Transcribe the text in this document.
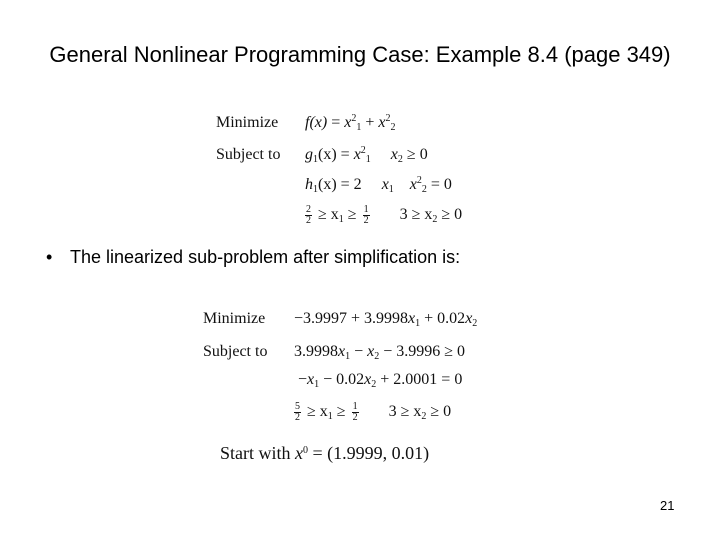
General Nonlinear Programming Case: Example 8.4 (page 349)
Minimize $f(x) = x^2_1 + x^2_2$
Subject to $g_1(x) = x^2_1$ $x_2 \ge 0$
$h_1(x) = 2$ $x_1$ $x^2_2 = 0$
$\frac{2}{2} \ge x_1 \ge \frac{1}{2} 3 \ge x_2 \ge 0$
• The linearized sub-problem after simplification is:
Minimize $-3.9997 + 3.9998x_1 + 0.02x_2$
Subject to $3.9998x_1 - x_2 - 3.9996 \ge 0$
$-x_1 - 0.02x_2 + 2.0001 = 0$
$\frac{5}{2} \ge x_1 \ge \frac{1}{2} 3 \ge x_2 \ge 0$
Start with $x^0 = (1.9999$, 0.01)
21
